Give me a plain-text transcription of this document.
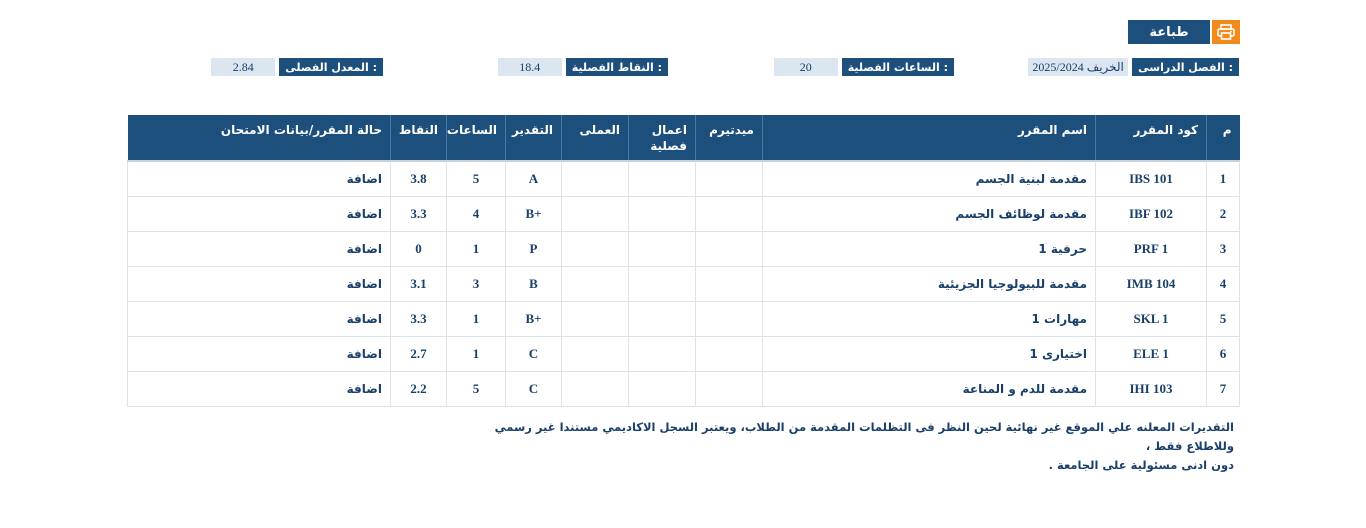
طباعة
الفصل الدراسى :
الخريف 2025/2024
الساعات الفصلية :
20
النقاط الفصلية :
18.4
المعدل الفصلى :
2.84
م	كود المقرر	اسم المقرر	ميدتيرم	اعمال فصلية	العملى	التقدير	الساعات	النقاط	حالة المقرر/بيانات الامتحان
1	IBS 101	مقدمة لبنية الجسم				A	5	3.8	اضافة
2	IBF 102	مقدمة لوظائف الجسم				B+	4	3.3	اضافة
3	PRF 1	حرفية 1				P	1	0	اضافة
4	IMB 104	مقدمة للبيولوجيا الجزيئية				B	3	3.1	اضافة
5	SKL 1	مهارات 1				B+	1	3.3	اضافة
6	ELE 1	اختيارى 1				C	1	2.7	اضافة
7	IHI 103	مقدمة للدم و المناعة				C	5	2.2	اضافة
التقديرات المعلنه علي الموقع غير نهائية لحين النظر فى التظلمات المقدمة من الطلاب، ويعتبر السجل الاكاديمي مستندا غير رسمي وللاطلاع فقط ،
دون ادنى مسئولية على الجامعة .
